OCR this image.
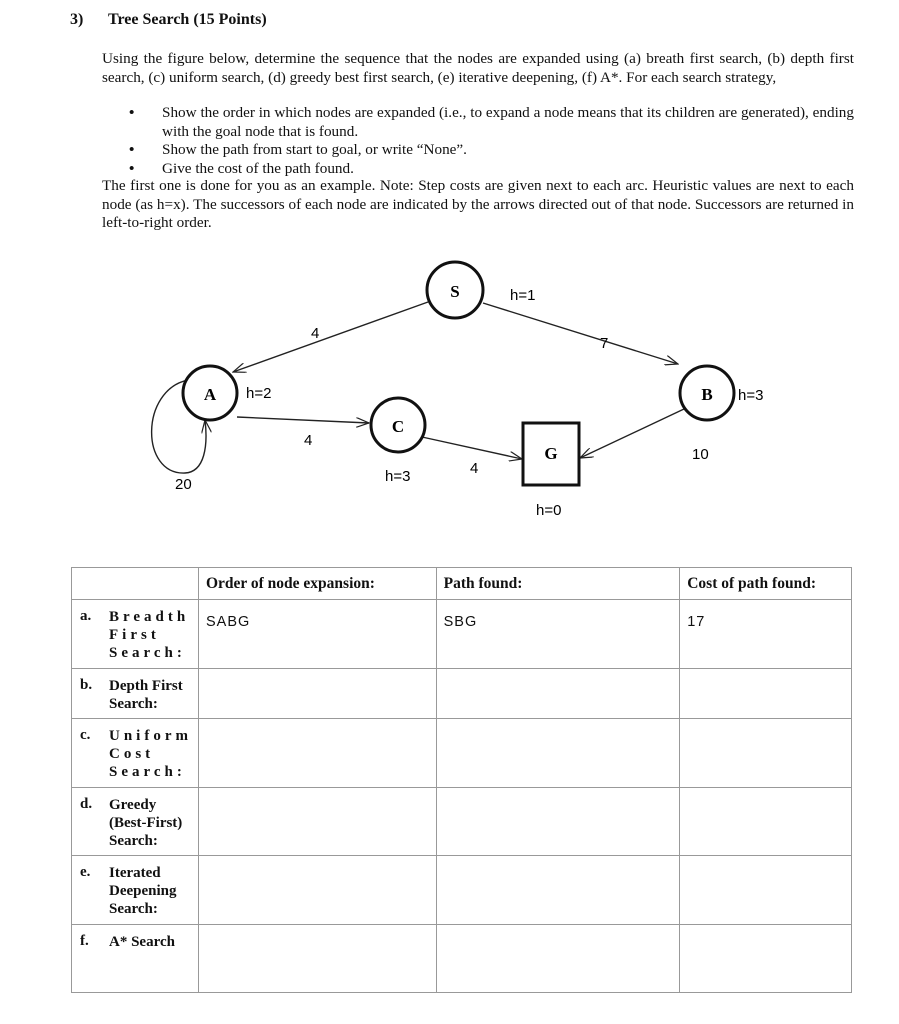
3) Tree Search (15 Points)
Using the figure below, determine the sequence that the nodes are expanded using (a) breath first search, (b) depth first search, (c) uniform search, (d) greedy best first search, (e) iterative deepening, (f) A*. For each search strategy,
• Show the order in which nodes are expanded (i.e., to expand a node means that its children are generated), ending with the goal node that is found.
• Show the path from start to goal, or write “None”.
• Give the cost of the path found.
The first one is done for you as an example. Note: Step costs are given next to each arc. Heuristic values are next to each node (as h=x). The successors of each node are indicated by the arrows directed out of that node. Successors are returned in left-to-right order.
S
A	B
C
G
h=1
h=2	h=3
h=3
h=0
4
7
20
4
4
10
	Order of node expansion:	Path found:	Cost of path found:

a. Breadth First Search:	SABG	SBG	17

b. Depth First Search:			

c. Uniform Cost Search:			

d. Greedy (Best-First) Search:			

e. Iterated Deepening Search:			

f. A* Search			
